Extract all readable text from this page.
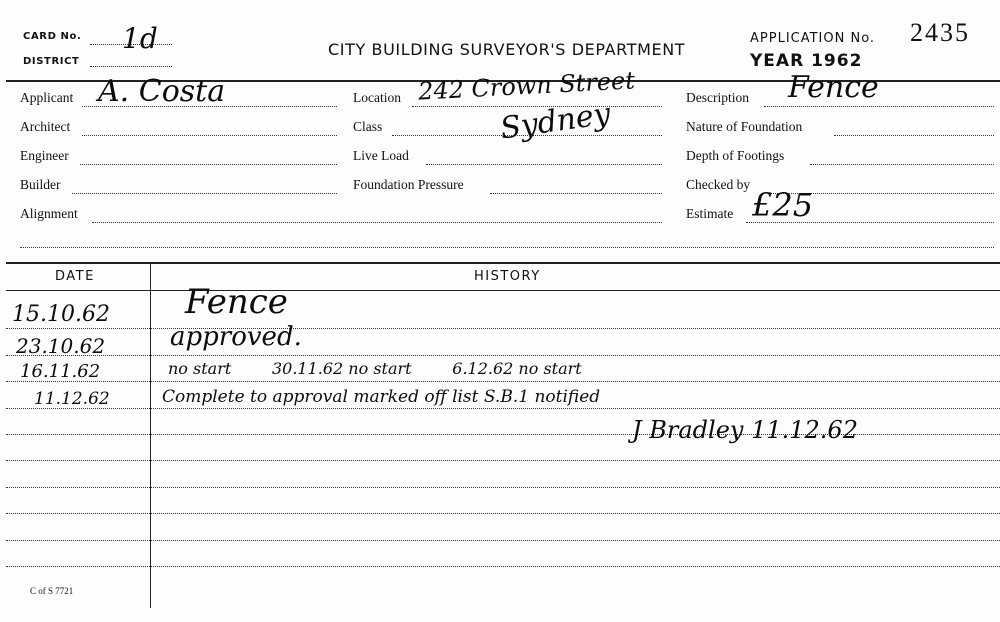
CARD No. 1d
DISTRICT
CITY BUILDING SURVEYOR'S DEPARTMENT
APPLICATION No. 2435
YEAR 1962
Applicant A. Costa
Architect
Engineer
Builder
Alignment
Location 242 Crown Street
Sydney
Class
Live Load
Foundation Pressure
Description Fence
Nature of Foundation
Depth of Footings
Checked by
Estimate £25
DATE	HISTORY
15.10.62 Fence
23.10.62 approved.
16.11.62	no start        30.11.62 no start        6.12.62 no start
11.12.62	Complete to approval marked off list S.B.1 notified
J Bradley 11.12.62
C of S 7721
